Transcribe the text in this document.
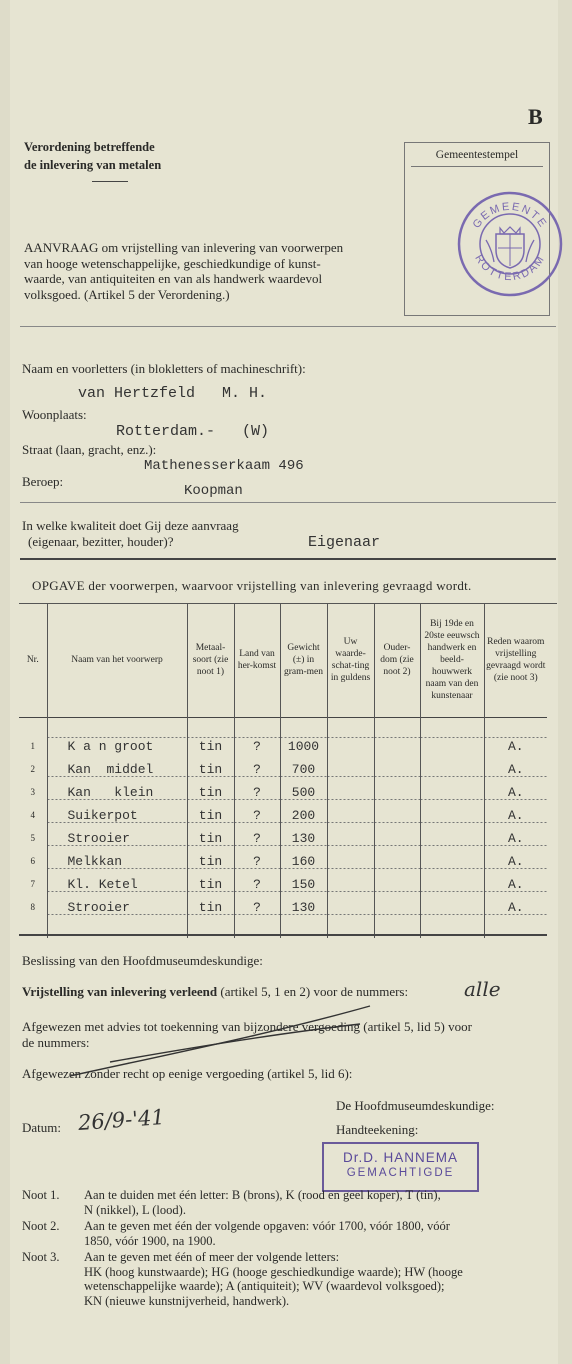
B
Verordening betreffende
de inlevering van metalen
Gemeentestempel
GEMEENTE
ROTTERDAM
AANVRAAG om vrijstelling van inlevering van voorwerpen
van hooge wetenschappelijke, geschiedkundige of kunst-
waarde, van antiquiteiten en van als handwerk waardevol
volksgoed. (Artikel 5 der Verordening.)
Naam en voorletters (in blokletters of machineschrift):
van Hertzfeld   M. H.
Woonplaats:
Rotterdam.-   (W)
Straat (laan, gracht, enz.):
Mathenesserkaam 496
Beroep:
Koopman
In welke kwaliteit doet Gij deze aanvraag
(eigenaar, bezitter, houder)?	Eigenaar
OPGAVE der voorwerpen, waarvoor vrijstelling van inlevering gevraagd wordt.
Nr.	Naam van het voorwerp	Metaal-soort (zie noot 1)	Land van her-komst	Gewicht (±) in gram-men	Uw waarde-schat-ting in guldens	Ouder-dom (zie noot 2)	Bij 19de en 20ste eeuwsch handwerk en beeld-houwwerk naam van den kunstenaar	Reden waarom vrijstelling gevraagd wordt (zie noot 3)
1	K a n groot	tin	?	1000				A.
2	Kan  middel	tin	?	700				A.
3	Kan   klein	tin	?	500				A.
4	Suikerpot	tin	?	200				A.
5	Strooier	tin	?	130				A.
6	Melkkan	tin	?	160				A.
7	Kl. Ketel	tin	?	150				A.
8	Strooier	tin	?	130				A.
Beslissing van den Hoofdmuseumdeskundige:
Vrijstelling van inlevering verleend (artikel 5, 1 en 2) voor de nummers:	alle
Afgewezen met advies tot toekenning van bijzondere vergoeding (artikel 5, lid 5) voor
de nummers:
Afgewezen zonder recht op eenige vergoeding (artikel 5, lid 6):
De Hoofdmuseumdeskundige:
Handteekening:
Dr.D. HANNEMA
GEMACHTIGDE
Datum: 26/9-'41
Noot 1.	Aan te duiden met één letter: B (brons), K (rood en geel koper), T (tin),
N (nikkel), L (lood).
Noot 2.	Aan te geven met één der volgende opgaven: vóór 1700, vóór 1800, vóór
1850, vóór 1900, na 1900.
Noot 3.	Aan te geven met één of meer der volgende letters:
HK (hoog kunstwaarde); HG (hooge geschiedkundige waarde); HW (hooge
wetenschappelijke waarde); A (antiquiteit); WV (waardevol volksgoed);
KN (nieuwe kunstnijverheid, handwerk).
